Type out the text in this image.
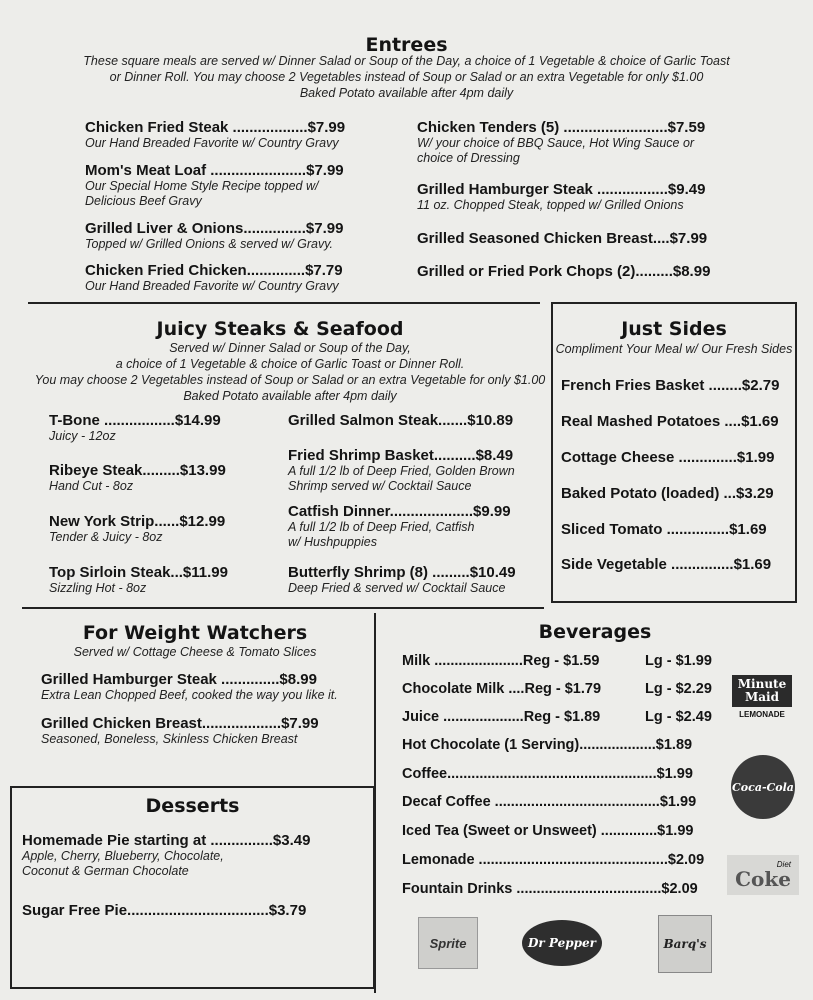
Entrees
These square meals are served w/ Dinner Salad or Soup of the Day, a choice of 1 Vegetable & choice of Garlic Toast
or Dinner Roll. You may choose 2 Vegetables instead of Soup or Salad or an extra Vegetable for only $1.00
Baked Potato available after 4pm daily
Chicken Fried Steak ..................$7.99
Our Hand Breaded Favorite w/ Country Gravy
Mom's Meat Loaf .......................$7.99
Our Special Home Style Recipe topped w/
Delicious Beef Gravy
Grilled Liver & Onions...............$7.99
Topped w/ Grilled Onions & served w/ Gravy.
Chicken Fried Chicken..............$7.79
Our Hand Breaded Favorite w/ Country Gravy
Chicken Tenders (5) .........................$7.59
W/ your choice of BBQ Sauce, Hot Wing Sauce or
choice of Dressing
Grilled Hamburger Steak .................$9.49
11 oz. Chopped Steak, topped w/ Grilled Onions
Grilled Seasoned Chicken Breast....$7.99
Grilled or Fried Pork Chops (2).........$8.99
Juicy Steaks & Seafood
Served w/ Dinner Salad or Soup of the Day,
a choice of 1 Vegetable & choice of Garlic Toast or Dinner Roll.
You may choose 2 Vegetables instead of Soup or Salad or an extra Vegetable for only $1.00
Baked Potato available after 4pm daily
T-Bone .................$14.99
Juicy - 12oz
Ribeye Steak.........$13.99
Hand Cut - 8oz
New York Strip......$12.99
Tender & Juicy - 8oz
Top Sirloin Steak...$11.99
Sizzling Hot - 8oz
Grilled Salmon Steak.......$10.89
Fried Shrimp Basket..........$8.49
A full 1/2 lb of Deep Fried, Golden Brown
Shrimp served w/ Cocktail Sauce
Catfish Dinner....................$9.99
A full 1/2 lb of Deep Fried, Catfish
w/ Hushpuppies
Butterfly Shrimp (8) .........$10.49
Deep Fried & served w/ Cocktail Sauce
Just Sides
Compliment Your Meal w/ Our Fresh Sides
French Fries Basket ........$2.79
Real Mashed Potatoes ....$1.69
Cottage Cheese ..............$1.99
Baked Potato (loaded) ...$3.29
Sliced Tomato ...............$1.69
Side Vegetable ...............$1.69
For Weight Watchers
Served w/ Cottage Cheese & Tomato Slices
Grilled Hamburger Steak ..............$8.99
Extra Lean Chopped Beef, cooked the way you like it.
Grilled Chicken Breast...................$7.99
Seasoned, Boneless, Skinless Chicken Breast
Desserts
Homemade Pie starting at ...............$3.49
Apple, Cherry, Blueberry, Chocolate,
Coconut & German Chocolate
Sugar Free Pie..................................$3.79
Beverages
Milk ......................Reg - $1.59	Lg - $1.99
Chocolate Milk ....Reg - $1.79	Lg - $2.29
Juice ....................Reg - $1.89	Lg - $2.49
Hot Chocolate (1 Serving)...................$1.89
Coffee....................................................$1.99
Decaf Coffee .........................................$1.99
Iced Tea (Sweet or Unsweet) ..............$1.99
Lemonade ...............................................$2.09
Fountain Drinks ....................................$2.09
Minute Maid
LEMONADE
Coca-Cola
Diet
Coke
Sprite	Dr Pepper	Barq's
